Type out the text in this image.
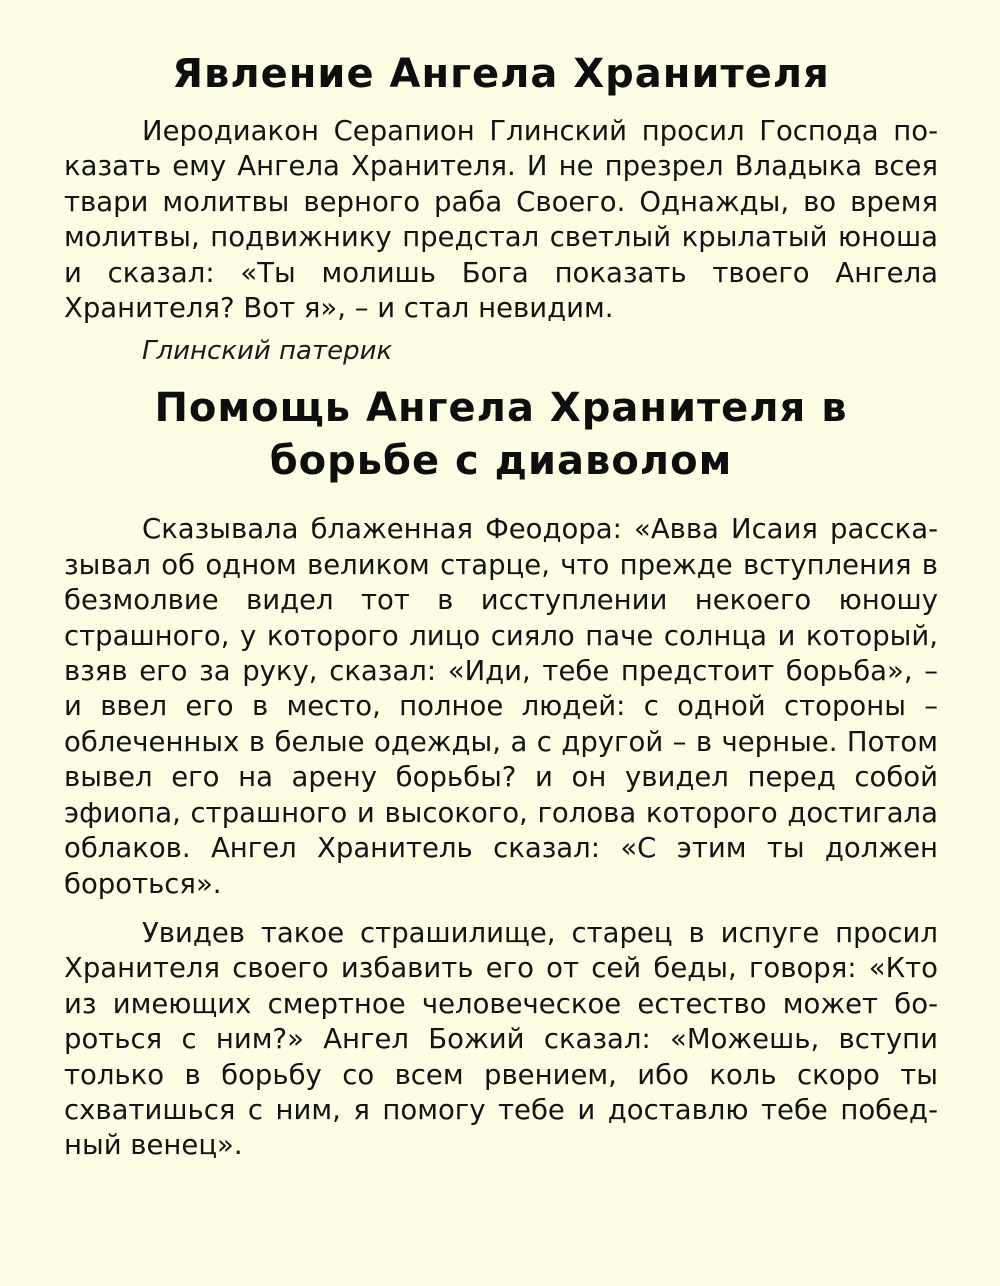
Явление Ангела Хранителя

Иеродиакон Серапион Глинский просил Господа показать ему Ангела Хранителя. И не презрел Владыка всея твари молитвы верного раба Своего. Однажды, во время молитвы, подвижнику предстал светлый крылатый юноша и сказал: «Ты молишь Бога показать твоего Ангела Хранителя? Вот я», – и стал невидим.

Глинский патерик

Помощь Ангела Хранителя в
борьбе с диаволом

Сказывала блаженная Феодора: «Авва Исаия рассказывал об одном великом старце, что прежде вступления в безмолвие видел тот в исступлении некоего юношу страшного, у которого лицо сияло паче солнца и который, взяв его за руку, сказал: «Иди, тебе предстоит борьба», – и ввел его в место, полное людей: с одной стороны – облеченных в белые одежды, а с другой – в черные. Потом вывел его на арену борьбы? и он увидел перед собой эфиопа, страшного и высокого, голова которого достигала облаков. Ангел Хранитель сказал: «С этим ты должен бороться».

Увидев такое страшилище, старец в испуге просил Хранителя своего избавить его от сей беды, говоря: «Кто из имеющих смертное человеческое естество может бороться с ним?» Ангел Божий сказал: «Можешь, вступи только в борьбу со всем рвением, ибо коль скоро ты схватишься с ним, я помогу тебе и доставлю тебе победный венец».
